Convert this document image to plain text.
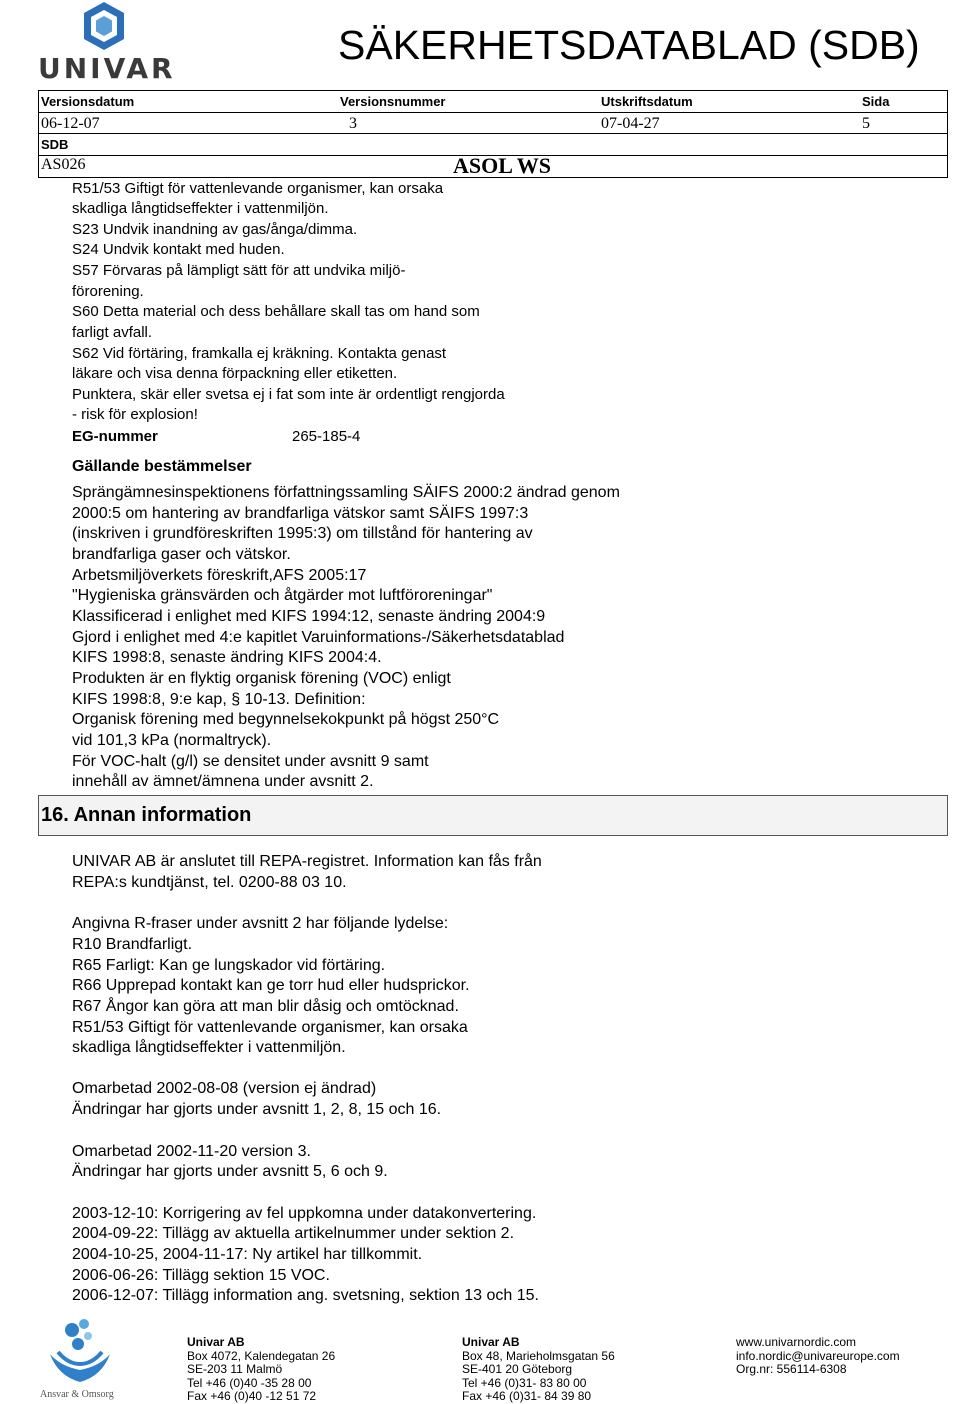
UNIVAR
SÄKERHETSDATABLAD (SDB)
Versionsdatum	Versionsnummer	Utskriftsdatum	Sida
06-12-07	3	07-04-27	5
SDB
AS026	ASOL WS
R51/53 Giftigt för vattenlevande organismer, kan orsaka
skadliga långtidseffekter i vattenmiljön.
S23 Undvik inandning av gas/ånga/dimma.
S24 Undvik kontakt med huden.
S57 Förvaras på lämpligt sätt för att undvika miljö-
förorening.
S60 Detta material och dess behållare skall tas om hand som
farligt avfall.
S62 Vid förtäring, framkalla ej kräkning. Kontakta genast
läkare och visa denna förpackning eller etiketten.
Punktera, skär eller svetsa ej i fat som inte är ordentligt rengjorda
- risk för explosion!
EG-nummer	265-185-4
Gällande bestämmelser
Sprängämnesinspektionens författningssamling SÄIFS 2000:2 ändrad genom
2000:5 om hantering av brandfarliga vätskor samt SÄIFS 1997:3
(inskriven i grundföreskriften 1995:3) om tillstånd för hantering av
brandfarliga gaser och vätskor.
Arbetsmiljöverkets föreskrift,AFS 2005:17
"Hygieniska gränsvärden och åtgärder mot luftföroreningar"
Klassificerad i enlighet med KIFS 1994:12, senaste ändring 2004:9
Gjord i enlighet med 4:e kapitlet Varuinformations-/Säkerhetsdatablad
KIFS 1998:8, senaste ändring KIFS 2004:4.
Produkten är en flyktig organisk förening (VOC) enligt
KIFS 1998:8, 9:e kap, § 10-13. Definition:
Organisk förening med begynnelsekokpunkt på högst 250°C
vid 101,3 kPa (normaltryck).
För VOC-halt (g/l) se densitet under avsnitt 9 samt
innehåll av ämnet/ämnena under avsnitt 2.
16. Annan information
UNIVAR AB är anslutet till REPA-registret. Information kan fås från
REPA:s kundtjänst, tel. 0200-88 03 10.
Angivna R-fraser under avsnitt 2 har följande lydelse:
R10 Brandfarligt.
R65 Farligt: Kan ge lungskador vid förtäring.
R66 Upprepad kontakt kan ge torr hud eller hudsprickor.
R67 Ångor kan göra att man blir dåsig och omtöcknad.
R51/53 Giftigt för vattenlevande organismer, kan orsaka
skadliga långtidseffekter i vattenmiljön.
Omarbetad 2002-08-08 (version ej ändrad)
Ändringar har gjorts under avsnitt 1, 2, 8, 15 och 16.
Omarbetad 2002-11-20 version 3.
Ändringar har gjorts under avsnitt 5, 6 och 9.
2003-12-10: Korrigering av fel uppkomna under datakonvertering.
2004-09-22: Tillägg av aktuella artikelnummer under sektion 2.
2004-10-25, 2004-11-17: Ny artikel har tillkommit.
2006-06-26: Tillägg sektion 15 VOC.
2006-12-07: Tillägg information ang. svetsning, sektion 13 och 15.
Ansvar & Omsorg
Univar AB
Box 4072, Kalendegatan 26
SE-203 11 Malmö
Tel +46 (0)40 -35 28 00
Fax +46 (0)40 -12 51 72
Univar AB
Box 48, Marieholmsgatan 56
SE-401 20 Göteborg
Tel +46 (0)31- 83 80 00
Fax +46 (0)31- 84 39 80
www.univarnordic.com
info.nordic@univareurope.com
Org.nr: 556114-6308
